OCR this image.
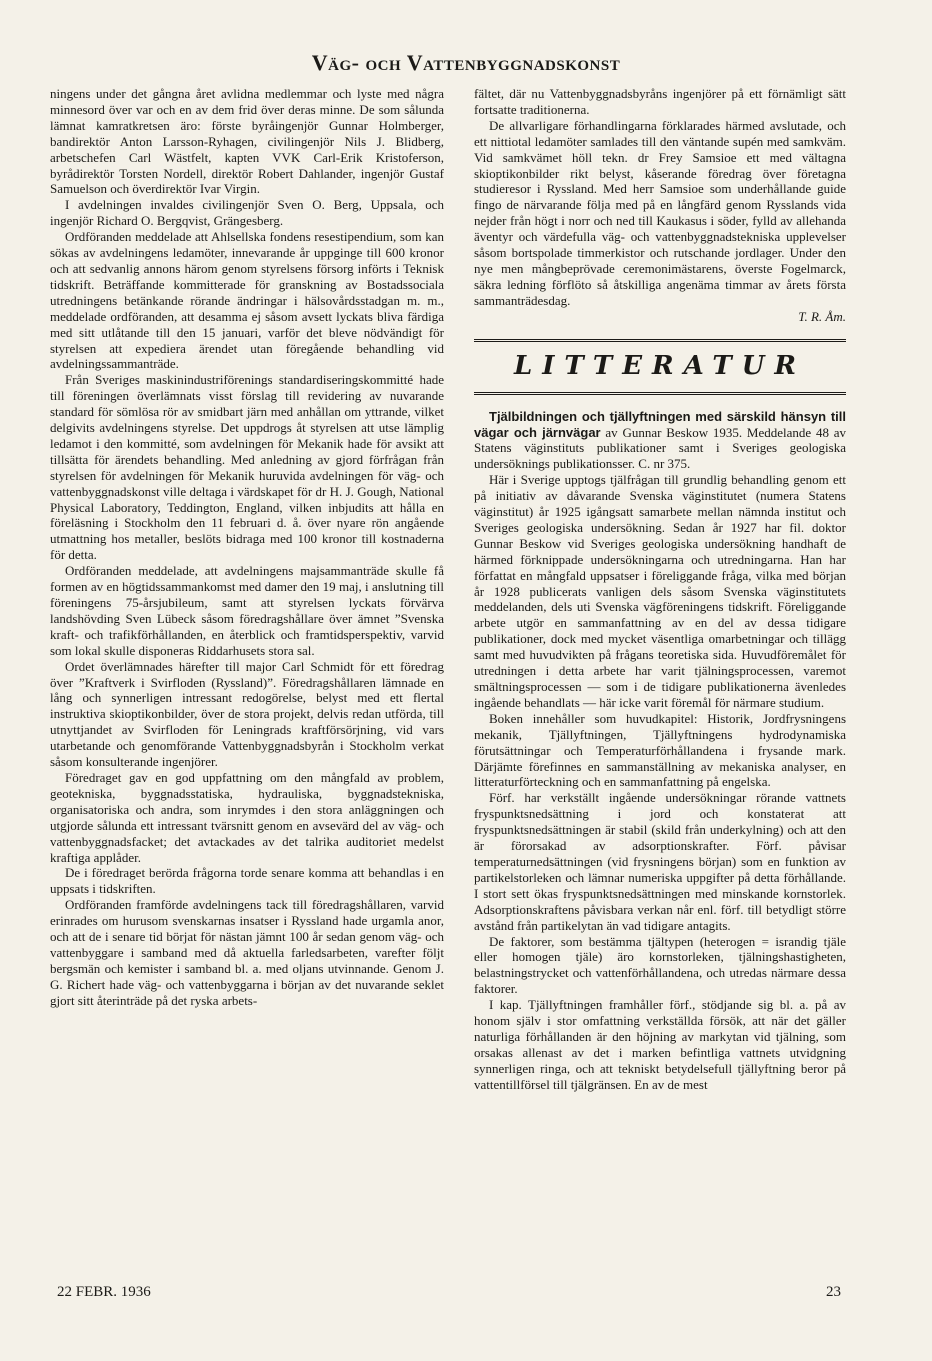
Väg- och Vattenbyggnadskonst

ningens under det gångna året avlidna medlemmar och lyste med några minnesord över var och en av dem frid över deras minne. De som sålunda lämnat kamratkretsen äro: förste byråingenjör Gunnar Holmberger, bandirektör Anton Larsson-Ryhagen, civilingenjör Nils J. Blidberg, arbetschefen Carl Wästfelt, kapten VVK Carl-Erik Kristoferson, byrådirektör Torsten Nordell, direktör Robert Dahlander, ingenjör Gustaf Samuelson och överdirektör Ivar Virgin.

I avdelningen invaldes civilingenjör Sven O. Berg, Uppsala, och ingenjör Richard O. Bergqvist, Grängesberg.

Ordföranden meddelade att Ahlsellska fondens resestipendium, som kan sökas av avdelningens ledamöter, innevarande år uppginge till 600 kronor och att sedvanlig annons härom genom styrelsens försorg införts i Teknisk tidskrift. Beträffande kommitterade för granskning av Bostadssociala utredningens betänkande rörande ändringar i hälsovårdsstadgan m. m., meddelade ordföranden, att desamma ej såsom avsett lyckats bliva färdiga med sitt utlåtande till den 15 januari, varför det bleve nödvändigt för styrelsen att expediera ärendet utan föregående behandling vid avdelningssammanträde.

Från Sveriges maskinindustriförenings standardiseringskommitté hade till föreningen överlämnats visst förslag till revidering av nuvarande standard för sömlösa rör av smidbart järn med anhållan om yttrande, vilket delgivits avdelningens styrelse. Det uppdrogs åt styrelsen att utse lämplig ledamot i den kommitté, som avdelningen för Mekanik hade för avsikt att tillsätta för ärendets behandling. Med anledning av gjord förfrågan från styrelsen för avdelningen för Mekanik huruvida avdelningen för väg- och vattenbyggnadskonst ville deltaga i värdskapet för dr H. J. Gough, National Physical Laboratory, Teddington, England, vilken inbjudits att hålla en föreläsning i Stockholm den 11 februari d. å. över nyare rön angående utmattning hos metaller, beslöts bidraga med 100 kronor till kostnaderna för detta.

Ordföranden meddelade, att avdelningens majsammanträde skulle få formen av en högtidssammankomst med damer den 19 maj, i anslutning till föreningens 75-årsjubileum, samt att styrelsen lyckats förvärva landshövding Sven Lübeck såsom föredragshållare över ämnet ”Svenska kraft- och trafikförhållanden, en återblick och framtidsperspektiv, varvid som lokal skulle disponeras Riddarhusets stora sal.

Ordet överlämnades härefter till major Carl Schmidt för ett föredrag över ”Kraftverk i Svirfloden (Ryssland)”. Föredragshållaren lämnade en lång och synnerligen intressant redogörelse, belyst med ett flertal instruktiva skioptikonbilder, över de stora projekt, delvis redan utförda, till utnyttjandet av Svirfloden för Leningrads kraftförsörjning, vid vars utarbetande och genomförande Vattenbyggnadsbyrån i Stockholm verkat såsom konsulterande ingenjörer.

Föredraget gav en god uppfattning om den mångfald av problem, geotekniska, byggnadsstatiska, hydrauliska, byggnadstekniska, organisatoriska och andra, som inrymdes i den stora anläggningen och utgjorde sålunda ett intressant tvärsnitt genom en avsevärd del av väg- och vattenbyggnadsfacket; det avtackades av det talrika auditoriet medelst kraftiga applåder.

De i föredraget berörda frågorna torde senare komma att behandlas i en uppsats i tidskriften.

Ordföranden framförde avdelningens tack till föredragshållaren, varvid erinrades om hurusom svenskarnas insatser i Ryssland hade urgamla anor, och att de i senare tid börjat för nästan jämnt 100 år sedan genom väg- och vattenbyggare i samband med då aktuella farledsarbeten, varefter följt bergsmän och kemister i samband bl. a. med oljans utvinnande. Genom J. G. Richert hade väg- och vattenbyggarna i början av det nuvarande seklet gjort sitt återinträde på det ryska arbets-

fältet, där nu Vattenbyggnadsbyråns ingenjörer på ett förnämligt sätt fortsatte traditionerna.

De allvarligare förhandlingarna förklarades härmed avslutade, och ett nittiotal ledamöter samlades till den väntande supén med samkväm. Vid samkvämet höll tekn. dr Frey Samsioe ett med vältagna skioptikonbilder rikt belyst, kåserande föredrag över företagna studieresor i Ryssland. Med herr Samsioe som underhållande guide fingo de närvarande följa med på en långfärd genom Rysslands vida nejder från högt i norr och ned till Kaukasus i söder, fylld av allehanda äventyr och värdefulla väg- och vattenbyggnadstekniska upplevelser såsom bortspolade timmerkistor och rutschande jordlager. Under den nye men mångbeprövade ceremonimästarens, överste Fogelmarck, säkra ledning förflöto så åtskilliga angenäma timmar av årets första sammanträdesdag.

T. R. Åm.
LITTERATUR

Tjälbildningen och tjällyftningen med särskild hänsyn till vägar och järnvägar av Gunnar Beskow 1935. Meddelande 48 av Statens väginstituts publikationer samt i Sveriges geologiska undersöknings publikationsser. C. nr 375.

Här i Sverige upptogs tjälfrågan till grundlig behandling genom ett på initiativ av dåvarande Svenska väginstitutet (numera Statens väginstitut) år 1925 igångsatt samarbete mellan nämnda institut och Sveriges geologiska undersökning. Sedan år 1927 har fil. doktor Gunnar Beskow vid Sveriges geologiska undersökning handhaft de härmed förknippade undersökningarna och utredningarna. Han har författat en mångfald uppsatser i föreliggande fråga, vilka med början år 1928 publicerats vanligen dels såsom Svenska väginstitutets meddelanden, dels uti Svenska vägföreningens tidskrift. Föreliggande arbete utgör en sammanfattning av en del av dessa tidigare publikationer, dock med mycket väsentliga omarbetningar och tillägg samt med huvudvikten på frågans teoretiska sida. Huvudföremålet för utredningen i detta arbete har varit tjälningsprocessen, varemot smältningsprocessen — som i de tidigare publikationerna ävenledes ingående behandlats — här icke varit föremål för närmare studium.

Boken innehåller som huvudkapitel: Historik, Jordfrysningens mekanik, Tjällyftningen, Tjällyftningens hydrodynamiska förutsättningar och Temperaturförhållandena i frysande mark. Därjämte förefinnes en sammanställning av mekaniska analyser, en litteraturförteckning och en sammanfattning på engelska.

Förf. har verkställt ingående undersökningar rörande vattnets fryspunktsnedsättning i jord och konstaterat att fryspunktsnedsättningen är stabil (skild från underkylning) och att den är förorsakad av adsorptionskrafter. Förf. påvisar temperaturnedsättningen (vid frysningens början) som en funktion av partikelstorleken och lämnar numeriska uppgifter på detta förhållande. I stort sett ökas fryspunktsnedsättningen med minskande kornstorlek. Adsorptionskraftens påvisbara verkan når enl. förf. till betydligt större avstånd från partikelytan än vad tidigare antagits.

De faktorer, som bestämma tjältypen (heterogen = israndig tjäle eller homogen tjäle) äro kornstorleken, tjälningshastigheten, belastningstrycket och vattenförhållandena, och utredas närmare dessa faktorer.

I kap. Tjällyftningen framhåller förf., stödjande sig bl. a. på av honom själv i stor omfattning verkställda försök, att när det gäller naturliga förhållanden är den höjning av markytan vid tjälning, som orsakas allenast av det i marken befintliga vattnets utvidgning synnerligen ringa, och att tekniskt betydelsefull tjällyftning beror på vattentillförsel till tjälgränsen. En av de mest

22 FEBR. 1936	23
